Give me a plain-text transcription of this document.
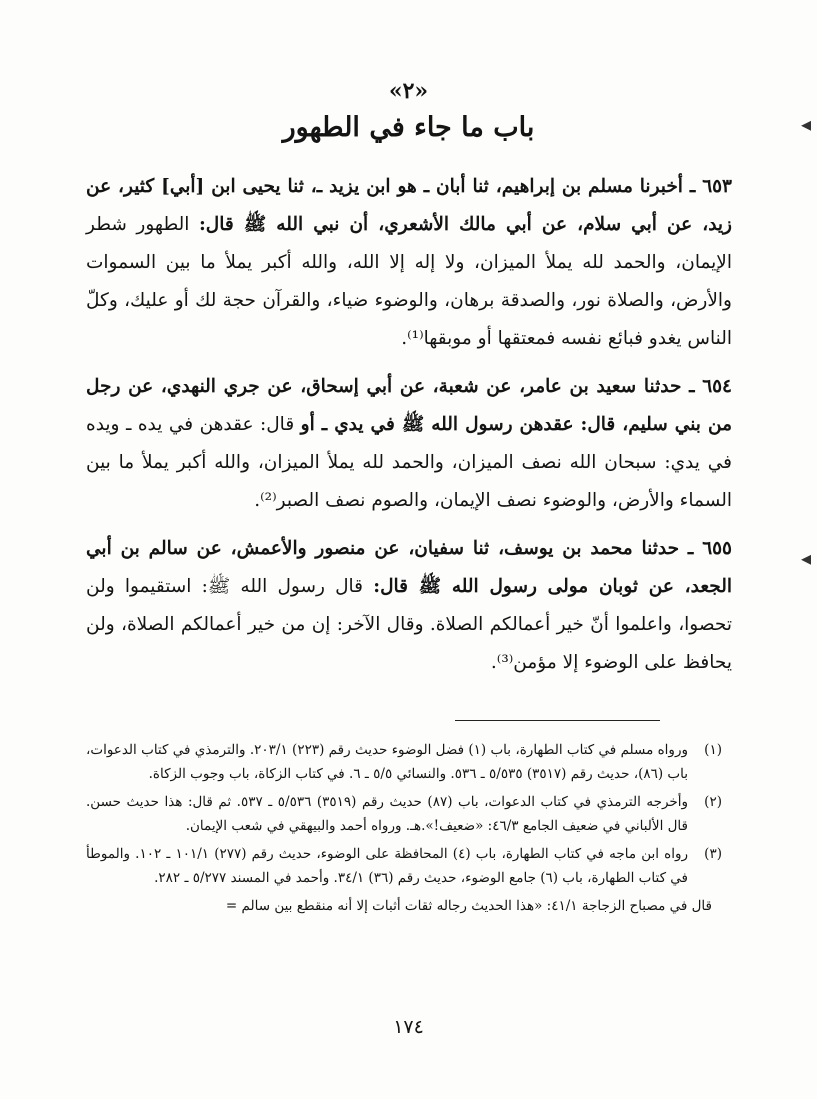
«٢»
باب ما جاء في الطهور

٦٥٣ ـ أخبرنا مسلم بن إبراهيم، ثنا أبان ـ هو ابن يزيد ـ، ثنا يحيى ابن [أبي] كثير، عن زيد، عن أبي سلام، عن أبي مالك الأشعري، أن نبي الله ﷺ قال: الطهور شطر الإيمان، والحمد لله يملأ الميزان، ولا إله إلا الله، والله أكبر يملأ ما بين السموات والأرض، والصلاة نور، والصدقة برهان، والوضوء ضياء، والقرآن حجة لك أو عليك، وكلّ الناس يغدو فبائع نفسه فمعتقها أو موبقها⁽¹⁾.

٦٥٤ ـ حدثنا سعيد بن عامر، عن شعبة، عن أبي إسحاق، عن جري النهدي، عن رجل من بني سليم، قال: عقدهن رسول الله ﷺ في يدي ـ أو قال: عقدهن في يده ـ ويده في يدي: سبحان الله نصف الميزان، والحمد لله يملأ الميزان، والله أكبر يملأ ما بين السماء والأرض، والوضوء نصف الإيمان، والصوم نصف الصبر⁽²⁾.

٦٥٥ ـ حدثنا محمد بن يوسف، ثنا سفيان، عن منصور والأعمش، عن سالم بن أبي الجعد، عن ثوبان مولى رسول الله ﷺ قال: قال رسول الله ﷺ: استقيموا ولن تحصوا، واعلموا أنّ خير أعمالكم الصلاة. وقال الآخر: إن من خير أعمالكم الصلاة، ولن يحافظ على الوضوء إلا مؤمن⁽³⁾.

(١)
ورواه مسلم في كتاب الطهارة، باب (١) فضل الوضوء حديث رقم (٢٢٣) ٢٠٣/١. والترمذي في كتاب الدعوات، باب (٨٦)، حديث رقم (٣٥١٧) ٥/٥٣٥ ـ ٥٣٦. والنسائي ٥/٥ ـ ٦. في كتاب الزكاة، باب وجوب الزكاة.
(٢)
وأخرجه الترمذي في كتاب الدعوات، باب (٨٧) حديث رقم (٣٥١٩) ٥/٥٣٦ ـ ٥٣٧. ثم قال: هذا حديث حسن. قال الألباني في ضعيف الجامع ٤٦/٣: «ضعيف!».هـ. ورواه أحمد والبيهقي في شعب الإيمان.
(٣)
رواه ابن ماجه في كتاب الطهارة، باب (٤) المحافظة على الوضوء، حديث رقم (٢٧٧) ١٠١/١ ـ ١٠٢. والموطأ في كتاب الطهارة، باب (٦) جامع الوضوء، حديث رقم (٣٦) ٣٤/١. وأحمد في المسند ٥/٢٧٧ ـ ٢٨٢.
قال في مصباح الزجاجة ٤١/١: «هذا الحديث رجاله ثقات أثبات إلا أنه منقطع بين سالم =
١٧٤
◂
◂
